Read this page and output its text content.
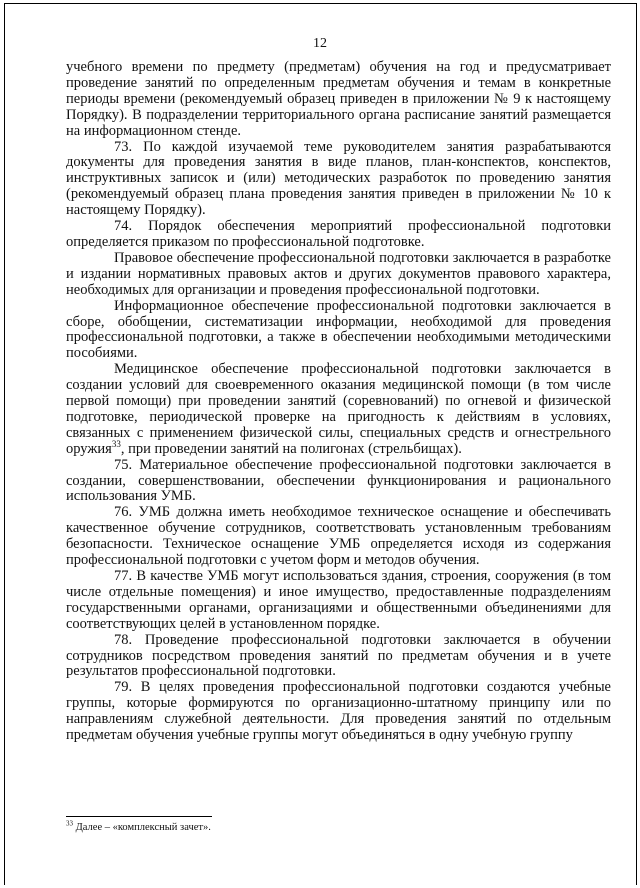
12

учебного времени по предмету (предметам) обучения на год и предусматривает проведение занятий по определенным предметам обучения и темам в конкретные периоды времени (рекомендуемый образец приведен в приложении № 9 к настоящему Порядку). В подразделении территориального органа расписание занятий размещается на информационном стенде.

73. По каждой изучаемой теме руководителем занятия разрабатываются документы для проведения занятия в виде планов, план-конспектов, конспектов, инструктивных записок и (или) методических разработок по проведению занятия (рекомендуемый образец плана проведения занятия приведен в приложении № 10 к настоящему Порядку).

74. Порядок обеспечения мероприятий профессиональной подготовки определяется приказом по профессиональной подготовке.

Правовое обеспечение профессиональной подготовки заключается в разработке и издании нормативных правовых актов и других документов правового характера, необходимых для организации и проведения профессиональной подготовки.

Информационное обеспечение профессиональной подготовки заключается в сборе, обобщении, систематизации информации, необходимой для проведения профессиональной подготовки, а также в обеспечении необходимыми методическими пособиями.

Медицинское обеспечение профессиональной подготовки заключается в создании условий для своевременного оказания медицинской помощи (в том числе первой помощи) при проведении занятий (соревнований) по огневой и физической подготовке, периодической проверке на пригодность к действиям в условиях, связанных с применением физической силы, специальных средств и огнестрельного оружия$^{33}$, при проведении занятий на полигонах (стрельбищах).

75. Материальное обеспечение профессиональной подготовки заключается в создании, совершенствовании, обеспечении функционирования и рационального использования УМБ.

76. УМБ должна иметь необходимое техническое оснащение и обеспечивать качественное обучение сотрудников, соответствовать установленным требованиям безопасности. Техническое оснащение УМБ определяется исходя из содержания профессиональной подготовки с учетом форм и методов обучения.

77. В качестве УМБ могут использоваться здания, строения, сооружения (в том числе отдельные помещения) и иное имущество, предоставленные подразделениям государственными органами, организациями и общественными объединениями для соответствующих целей в установленном порядке.

78. Проведение профессиональной подготовки заключается в обучении сотрудников посредством проведения занятий по предметам обучения и в учете результатов профессиональной подготовки.

79. В целях проведения профессиональной подготовки создаются учебные группы, которые формируются по организационно-штатному принципу или по направлениям служебной деятельности. Для проведения занятий по отдельным предметам обучения учебные группы могут объединяться в одну учебную группу

$^{33}$ Далее – «комплексный зачет».
